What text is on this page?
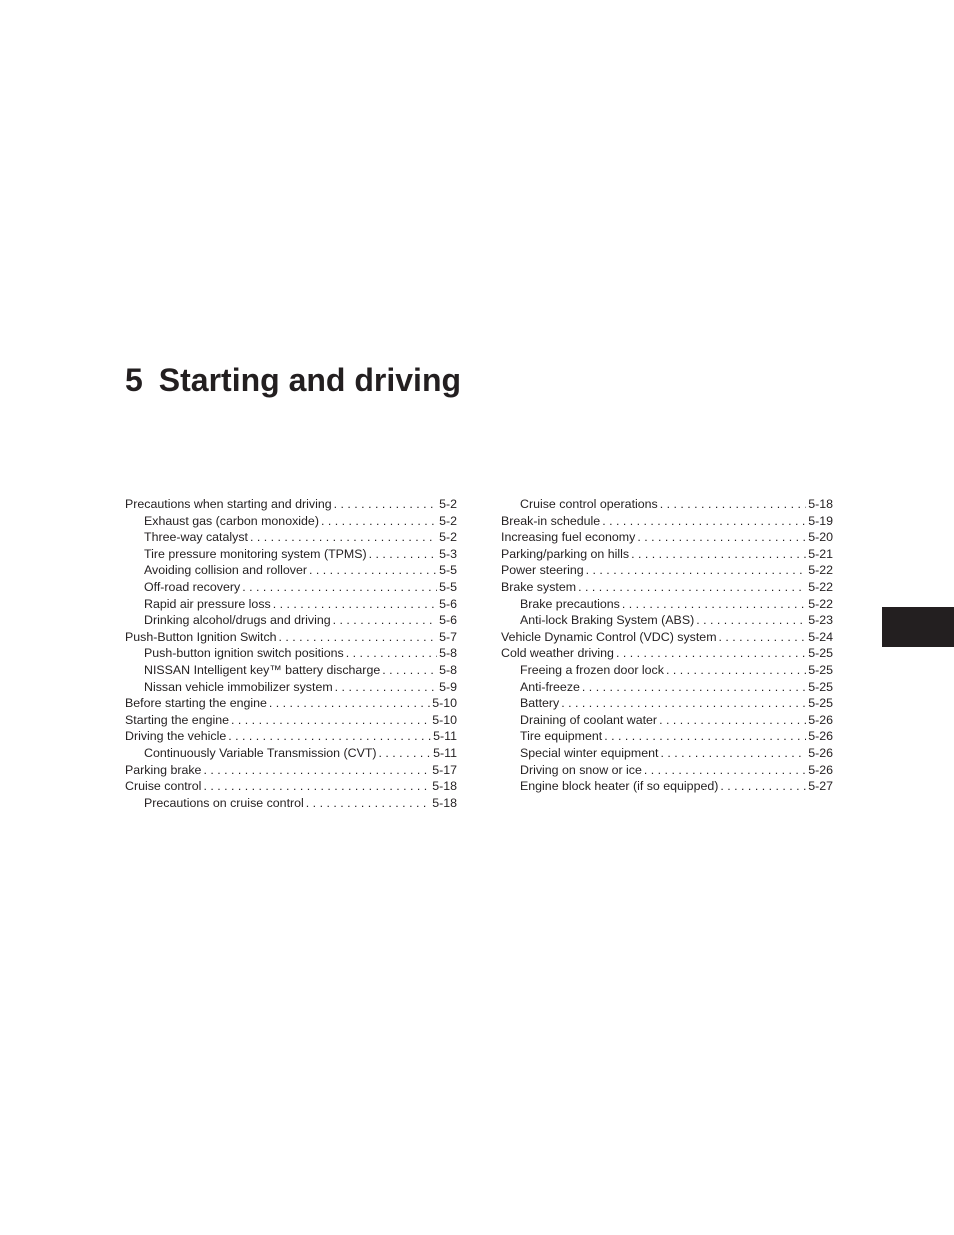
5 Starting and driving
Precautions when starting and driving . . .	5-2
Exhaust gas (carbon monoxide) . . .	5-2
Three-way catalyst . . .	5-2
Tire pressure monitoring system (TPMS) . . .	5-3
Avoiding collision and rollover . . .	5-5
Off-road recovery . . .	5-5
Rapid air pressure loss . . .	5-6
Drinking alcohol/drugs and driving . . .	5-6
Push-Button Ignition Switch . . .	5-7
Push-button ignition switch positions . . .	5-8
NISSAN Intelligent key™ battery discharge . . .	5-8
Nissan vehicle immobilizer system . . .	5-9
Before starting the engine . . .	5-10
Starting the engine . . .	5-10
Driving the vehicle . . .	5-11
Continuously Variable Transmission (CVT) . . .	5-11
Parking brake . . .	5-17
Cruise control . . .	5-18
Precautions on cruise control . . .	5-18
Cruise control operations . . .	5-18
Break-in schedule . . .	5-19
Increasing fuel economy . . .	5-20
Parking/parking on hills . . .	5-21
Power steering . . .	5-22
Brake system . . .	5-22
Brake precautions . . .	5-22
Anti-lock Braking System (ABS) . . .	5-23
Vehicle Dynamic Control (VDC) system . . .	5-24
Cold weather driving . . .	5-25
Freeing a frozen door lock . . .	5-25
Anti-freeze . . .	5-25
Battery . . .	5-25
Draining of coolant water . . .	5-26
Tire equipment . . .	5-26
Special winter equipment . . .	5-26
Driving on snow or ice . . .	5-26
Engine block heater (if so equipped) . . .	5-27
